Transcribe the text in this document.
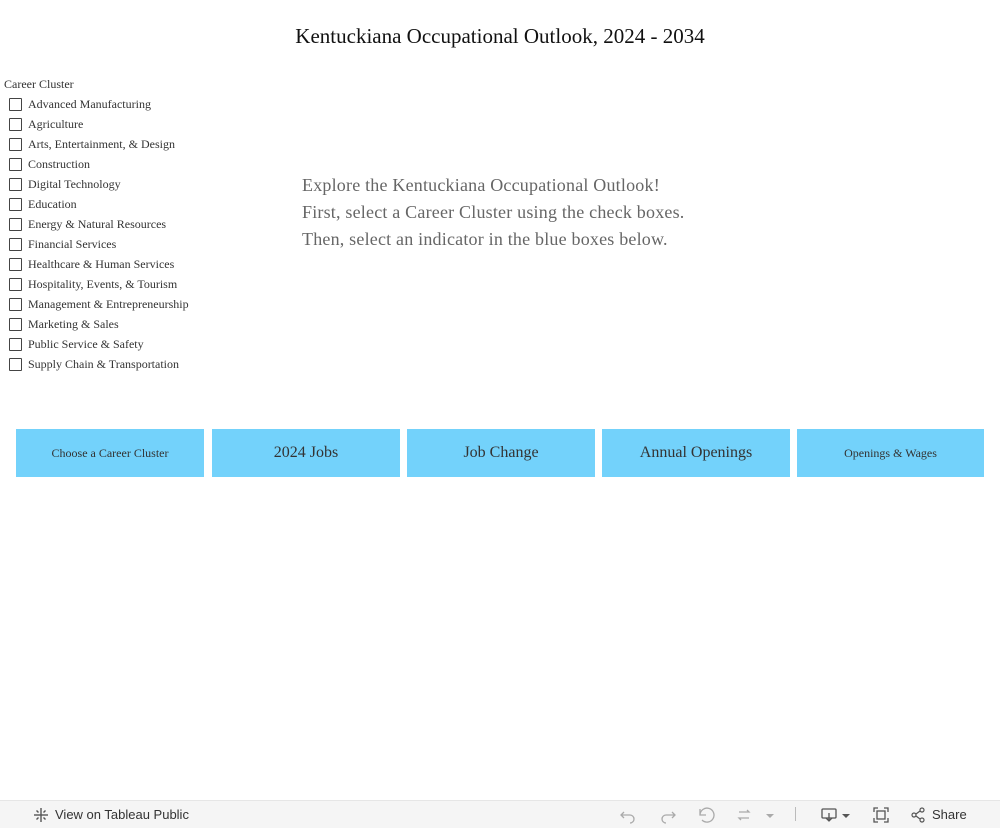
Kentuckiana Occupational Outlook, 2024 - 2034
Career Cluster
Advanced Manufacturing
Agriculture
Arts, Entertainment, & Design
Construction
Digital Technology
Education
Energy & Natural Resources
Financial Services
Healthcare & Human Services
Hospitality, Events, & Tourism
Management & Entrepreneurship
Marketing & Sales
Public Service & Safety
Supply Chain & Transportation
Explore the Kentuckiana Occupational Outlook!
First, select a Career Cluster using the check boxes.
Then, select an indicator in the blue boxes below.
Choose a Career Cluster	2024 Jobs	Job Change	Annual Openings	Openings & Wages
View on Tableau Public	Share
